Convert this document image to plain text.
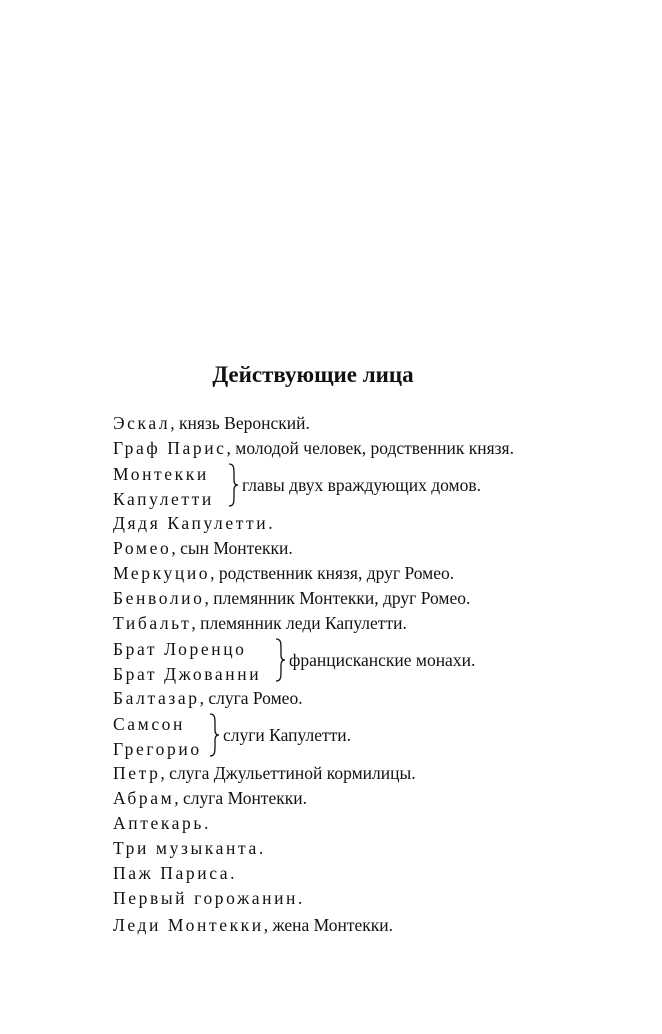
Действующие лица
Эскал, князь Веронский.
Граф Парис, молодой человек, родственник князя.
Монтекки
Капулетти
главы двух враждующих домов.
Дядя Капулетти.
Ромео, сын Монтекки.
Меркуцио, родственник князя, друг Ромео.
Бенволио, племянник Монтекки, друг Ромео.
Тибальт, племянник леди Капулетти.
Брат Лоренцо
Брат Джованни
францисканские монахи.
Балтазар, слуга Ромео.
Самсон
Грегорио
слуги Капулетти.
Петр, слуга Джульеттиной кормилицы.
Абрам, слуга Монтекки.
Аптекарь.
Три музыканта.
Паж Париса.
Первый горожанин.
Леди Монтекки, жена Монтекки.
